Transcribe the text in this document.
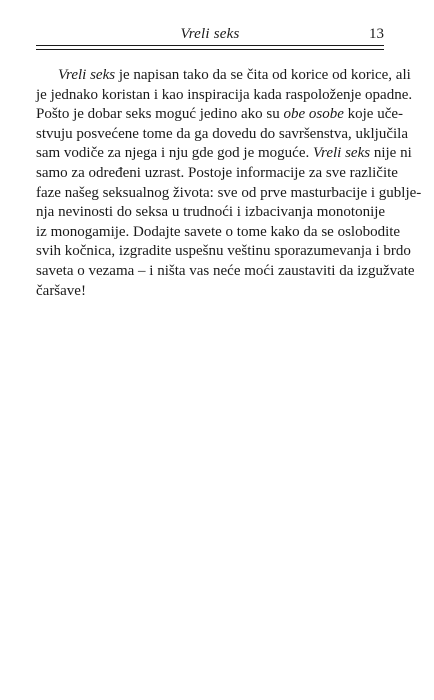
Vreli seks	13
Vreli seks je napisan tako da se čita od korice od korice, ali
je jednako koristan i kao inspiracija kada raspoloženje opadne.
Pošto je dobar seks moguć jedino ako su obe osobe koje uče-
stvuju posvećene tome da ga dovedu do savršenstva, uključila
sam vodiče za njega i nju gde god je moguće. Vreli seks nije ni
samo za određeni uzrast. Postoje informacije za sve različite
faze našeg seksualnog života: sve od prve masturbacije i gublje-
nja nevinosti do seksa u trudnoći i izbacivanja monotonije
iz monogamije. Dodajte savete o tome kako da se oslobodite
svih kočnica, izgradite uspešnu veštinu sporazumevanja i brdo
saveta o vezama – i ništa vas neće moći zaustaviti da izgužvate
čaršave!
